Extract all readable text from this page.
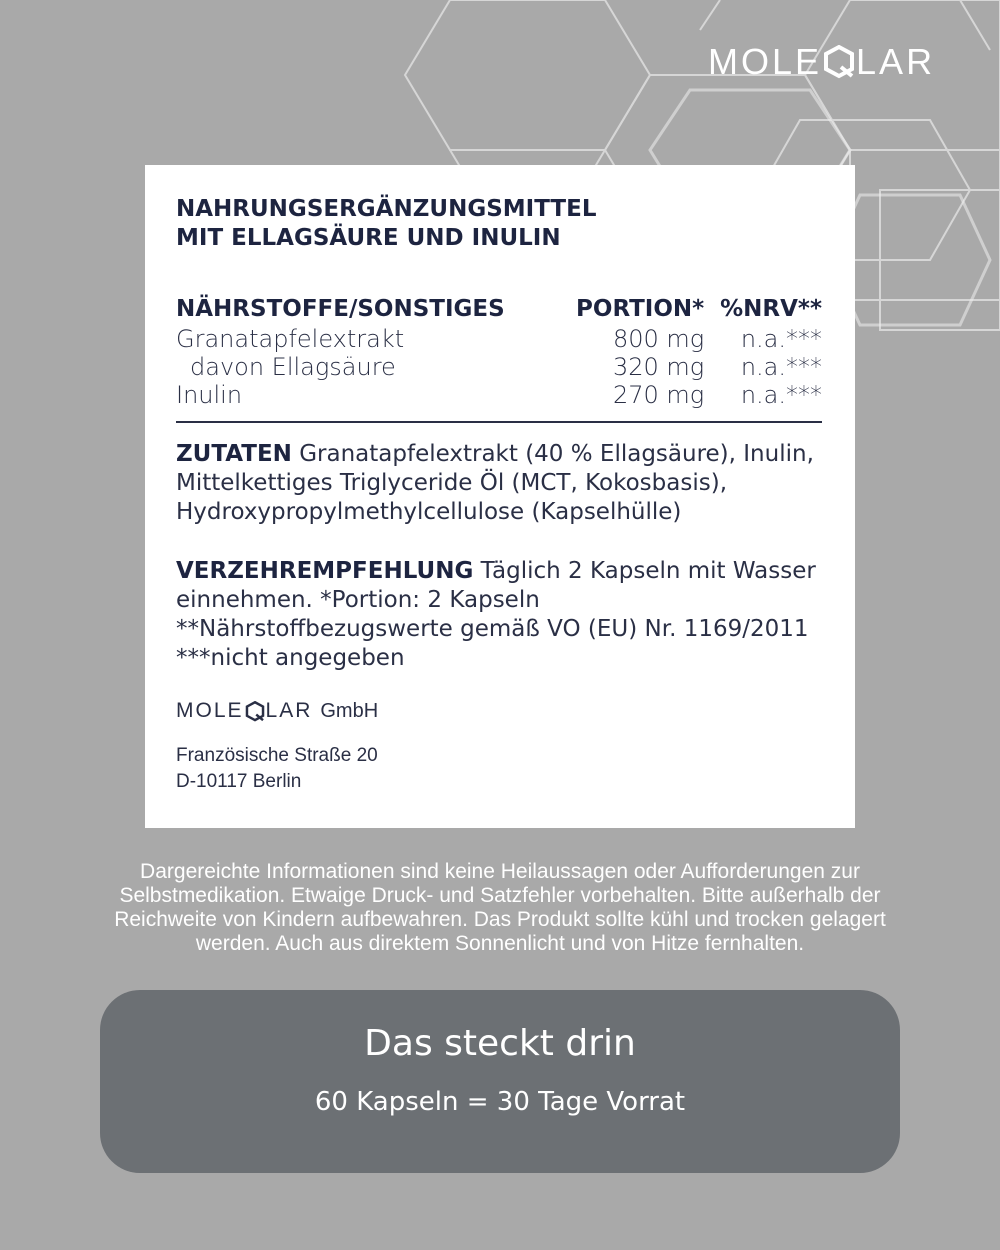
MOLE LAR
NAHRUNGSERGÄNZUNGSMITTEL
MIT ELLAGSÄURE UND INULIN
NÄHRSTOFFE/SONSTIGES	PORTION*	%NRV**
Granatapfelextrakt	800 mg	n.a.***
davon Ellagsäure	320 mg	n.a.***
Inulin	270 mg	n.a.***

ZUTATEN Granatapfelextrakt (40 % Ellagsäure), Inulin, Mittelkettiges Triglyceride Öl (MCT, Kokosbasis), Hydroxypropylmethylcellulose (Kapselhülle)

VERZEHREMPFEHLUNG Täglich 2 Kapseln mit Wasser einnehmen. *Portion: 2 Kapseln **Nährstoffbezugswerte gemäß VO (EU) Nr. 1169/2011 ***nicht angegeben

MOLE LAR GmbH
Französische Straße 20
D-10117 Berlin
Dargereichte Informationen sind keine Heilaussagen oder Aufforderungen zur
Selbstmedikation. Etwaige Druck- und Satzfehler vorbehalten. Bitte außerhalb der
Reichweite von Kindern aufbewahren. Das Produkt sollte kühl und trocken gelagert
werden. Auch aus direktem Sonnenlicht und von Hitze fernhalten.
Das steckt drin
60 Kapseln = 30 Tage Vorrat
